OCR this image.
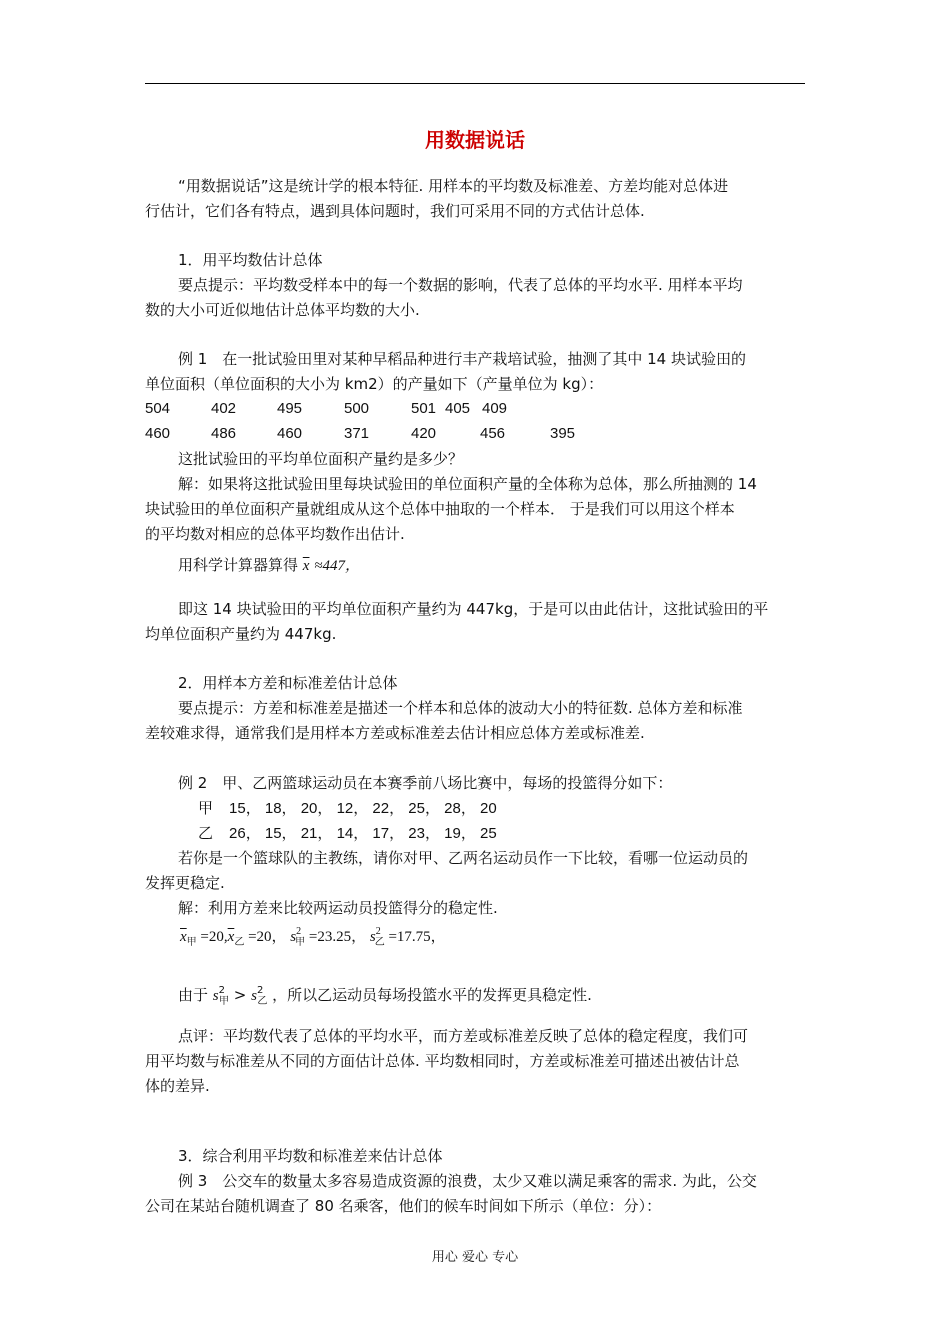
用数据说话
“用数据说话”这是统计学的根本特征. 用样本的平均数及标准差、方差均能对总体进
行估计，它们各有特点，遇到具体问题时，我们可采用不同的方式估计总体.
1．用平均数估计总体
要点提示：平均数受样本中的每一个数据的影响，代表了总体的平均水平. 用样本平均
数的大小可近似地估计总体平均数的大小.
例 1　在一批试验田里对某种早稻品种进行丰产栽培试验，抽测了其中 14 块试验田的
单位面积（单位面积的大小为 km2）的产量如下（产量单位为 kg）：
504	402	495	500	501 405 409
460	486	460	371	420	456	395
这批试验田的平均单位面积产量约是多少？
解：如果将这批试验田里每块试验田的单位面积产量的全体称为总体，那么所抽测的 14
块试验田的单位面积产量就组成从这个总体中抽取的一个样本． 于是我们可以用这个样本
的平均数对相应的总体平均数作出估计.
用科学计算器算得 $\overline{x} \approx 447$，
即这 14 块试验田的平均单位面积产量约为 447kg，于是可以由此估计，这批试验田的平
均单位面积产量约为 447kg.
2．用样本方差和标准差估计总体
要点提示：方差和标准差是描述一个样本和总体的波动大小的特征数. 总体方差和标准
差较难求得，通常我们是用样本方差或标准差去估计相应总体方差或标准差.
例 2　甲、乙两篮球运动员在本赛季前八场比赛中，每场的投篮得分如下：
甲 15， 18， 20， 12， 22， 25， 28， 20
乙 26， 15， 21， 14， 17， 23， 19， 25
若你是一个篮球队的主教练，请你对甲、乙两名运动员作一下比较，看哪一位运动员的
发挥更稳定.
解：利用方差来比较两运动员投篮得分的稳定性.
$\overline{x}_甲 =20,\overline{x}_乙 =20$， $s^2_甲 =23.25$， $s^2_乙 =17.75$，
由于 $s^2_甲 > s^2_乙$ ，所以乙运动员每场投篮水平的发挥更具稳定性.
点评：平均数代表了总体的平均水平，而方差或标准差反映了总体的稳定程度，我们可
用平均数与标准差从不同的方面估计总体. 平均数相同时，方差或标准差可描述出被估计总
体的差异.
3．综合利用平均数和标准差来估计总体
例 3　公交车的数量太多容易造成资源的浪费，太少又难以满足乘客的需求. 为此，公交
公司在某站台随机调查了 80 名乘客，他们的候车时间如下所示（单位：分）：
用心 爱心 专心
